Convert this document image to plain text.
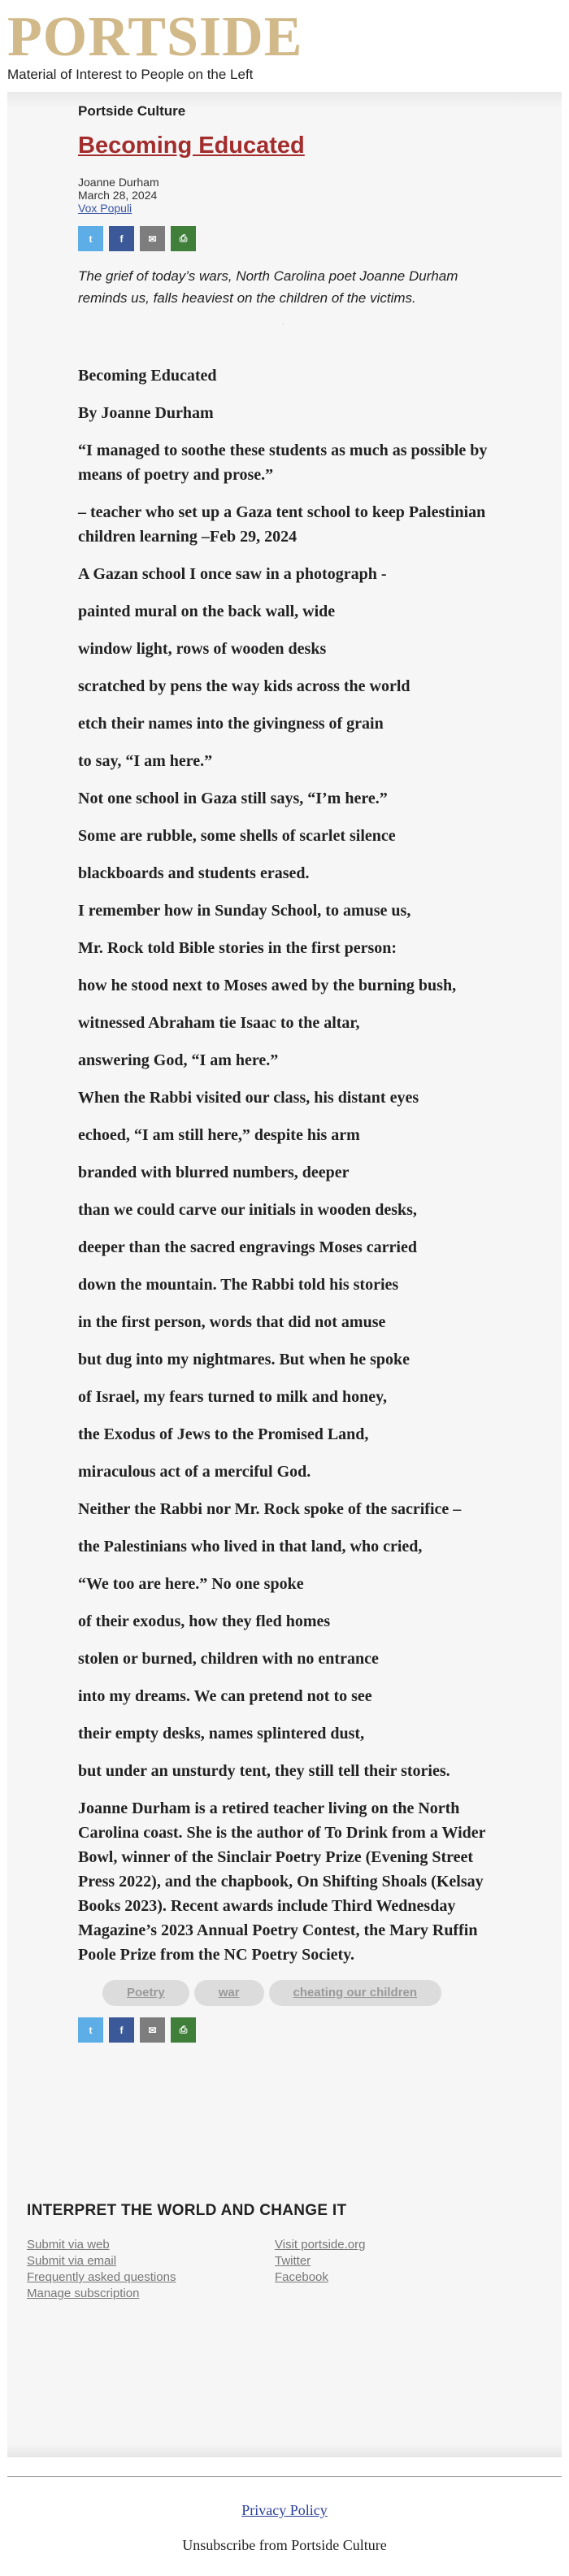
PORTSIDE
Material of Interest to People on the Left
Portside Culture
Becoming Educated
Joanne Durham
March 28, 2024
Vox Populi
t	f	✉ ⎙
The grief of today’s wars, North Carolina poet Joanne Durham reminds us, falls heaviest on the children of the victims.
.

Becoming Educated

By Joanne Durham

“I managed to soothe these students as much as possible by means of poetry and prose.”

– teacher who set up a Gaza tent school to keep Palestinian children learning –Feb 29, 2024

A Gazan school I once saw in a photograph -

painted mural on the back wall, wide

window light, rows of wooden desks

scratched by pens the way kids across the world

etch their names into the givingness of grain

to say, “I am here.”

Not one school in Gaza still says, “I’m here.”

Some are rubble, some shells of scarlet silence

blackboards and students erased.

I remember how in Sunday School, to amuse us,

Mr. Rock told Bible stories in the first person:

how he stood next to Moses awed by the burning bush,

witnessed Abraham tie Isaac to the altar,

answering God, “I am here.”

When the Rabbi visited our class, his distant eyes

echoed, “I am still here,” despite his arm

branded with blurred numbers, deeper

than we could carve our initials in wooden desks,

deeper than the sacred engravings Moses carried

down the mountain. The Rabbi told his stories

in the first person, words that did not amuse

but dug into my nightmares. But when he spoke

of Israel, my fears turned to milk and honey,

the Exodus of Jews to the Promised Land,

miraculous act of a merciful God.

Neither the Rabbi nor Mr. Rock spoke of the sacrifice –

the Palestinians who lived in that land, who cried,

“We too are here.” No one spoke

of their exodus, how they fled homes

stolen or burned, children with no entrance

into my dreams. We can pretend not to see

their empty desks, names splintered dust,

but under an unsturdy tent, they still tell their stories.

Joanne Durham is a retired teacher living on the North Carolina coast. She is the author of To Drink from a Wider Bowl, winner of the Sinclair Poetry Prize (Evening Street Press 2022), and the chapbook, On Shifting Shoals (Kelsay Books 2023). Recent awards include Third Wednesday Magazine’s 2023 Annual Poetry Contest, the Mary Ruffin Poole Prize from the NC Poetry Society.

Poetry	war	cheating our children
t	f	✉ ⎙
INTERPRET THE WORLD AND CHANGE IT
Submit via web
Submit via email
Frequently asked questions
Manage subscription
Visit portside.org
Twitter
Facebook
Privacy Policy
Unsubscribe from Portside Culture
